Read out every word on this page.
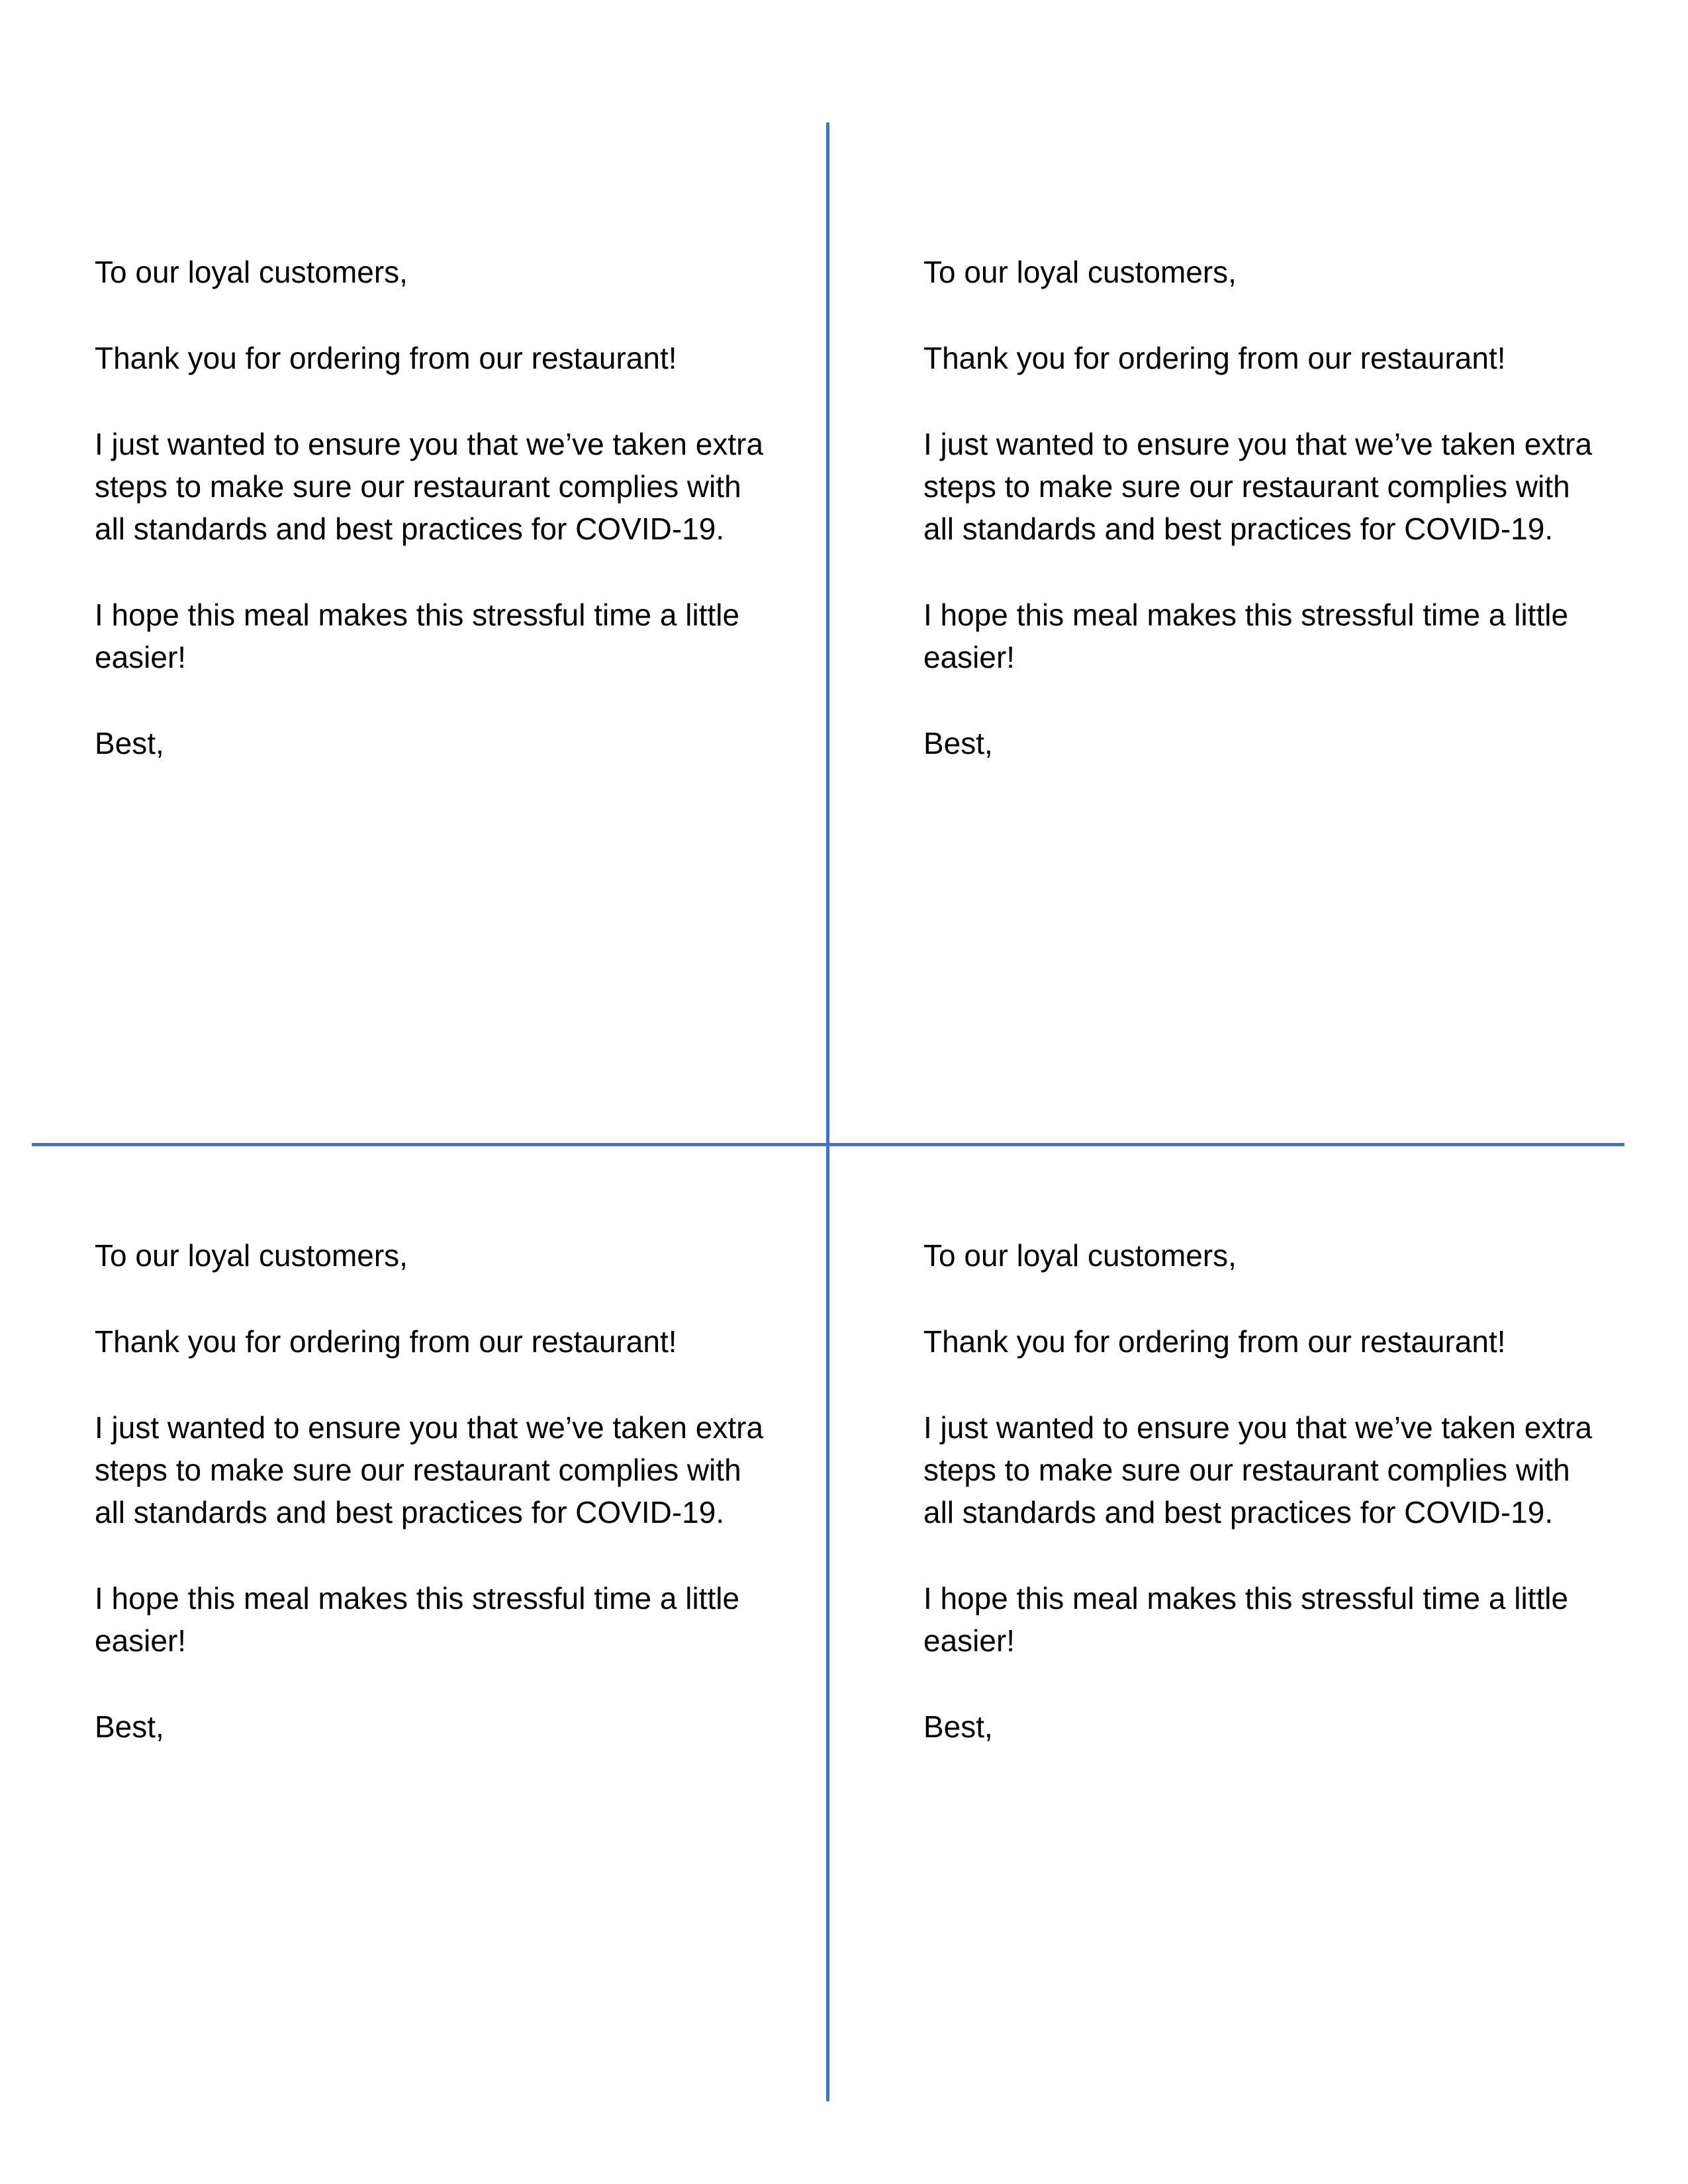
To our loyal customers,

Thank you for ordering from our restaurant!

I just wanted to ensure you that we’ve taken extra steps to make sure our restaurant complies with all standards and best practices for COVID-19.

I hope this meal makes this stressful time a little easier!

Best,

To our loyal customers,

Thank you for ordering from our restaurant!

I just wanted to ensure you that we’ve taken extra steps to make sure our restaurant complies with all standards and best practices for COVID-19.

I hope this meal makes this stressful time a little easier!

Best,

To our loyal customers,

Thank you for ordering from our restaurant!

I just wanted to ensure you that we’ve taken extra steps to make sure our restaurant complies with all standards and best practices for COVID-19.

I hope this meal makes this stressful time a little easier!

Best,

To our loyal customers,

Thank you for ordering from our restaurant!

I just wanted to ensure you that we’ve taken extra steps to make sure our restaurant complies with all standards and best practices for COVID-19.

I hope this meal makes this stressful time a little easier!

Best,
